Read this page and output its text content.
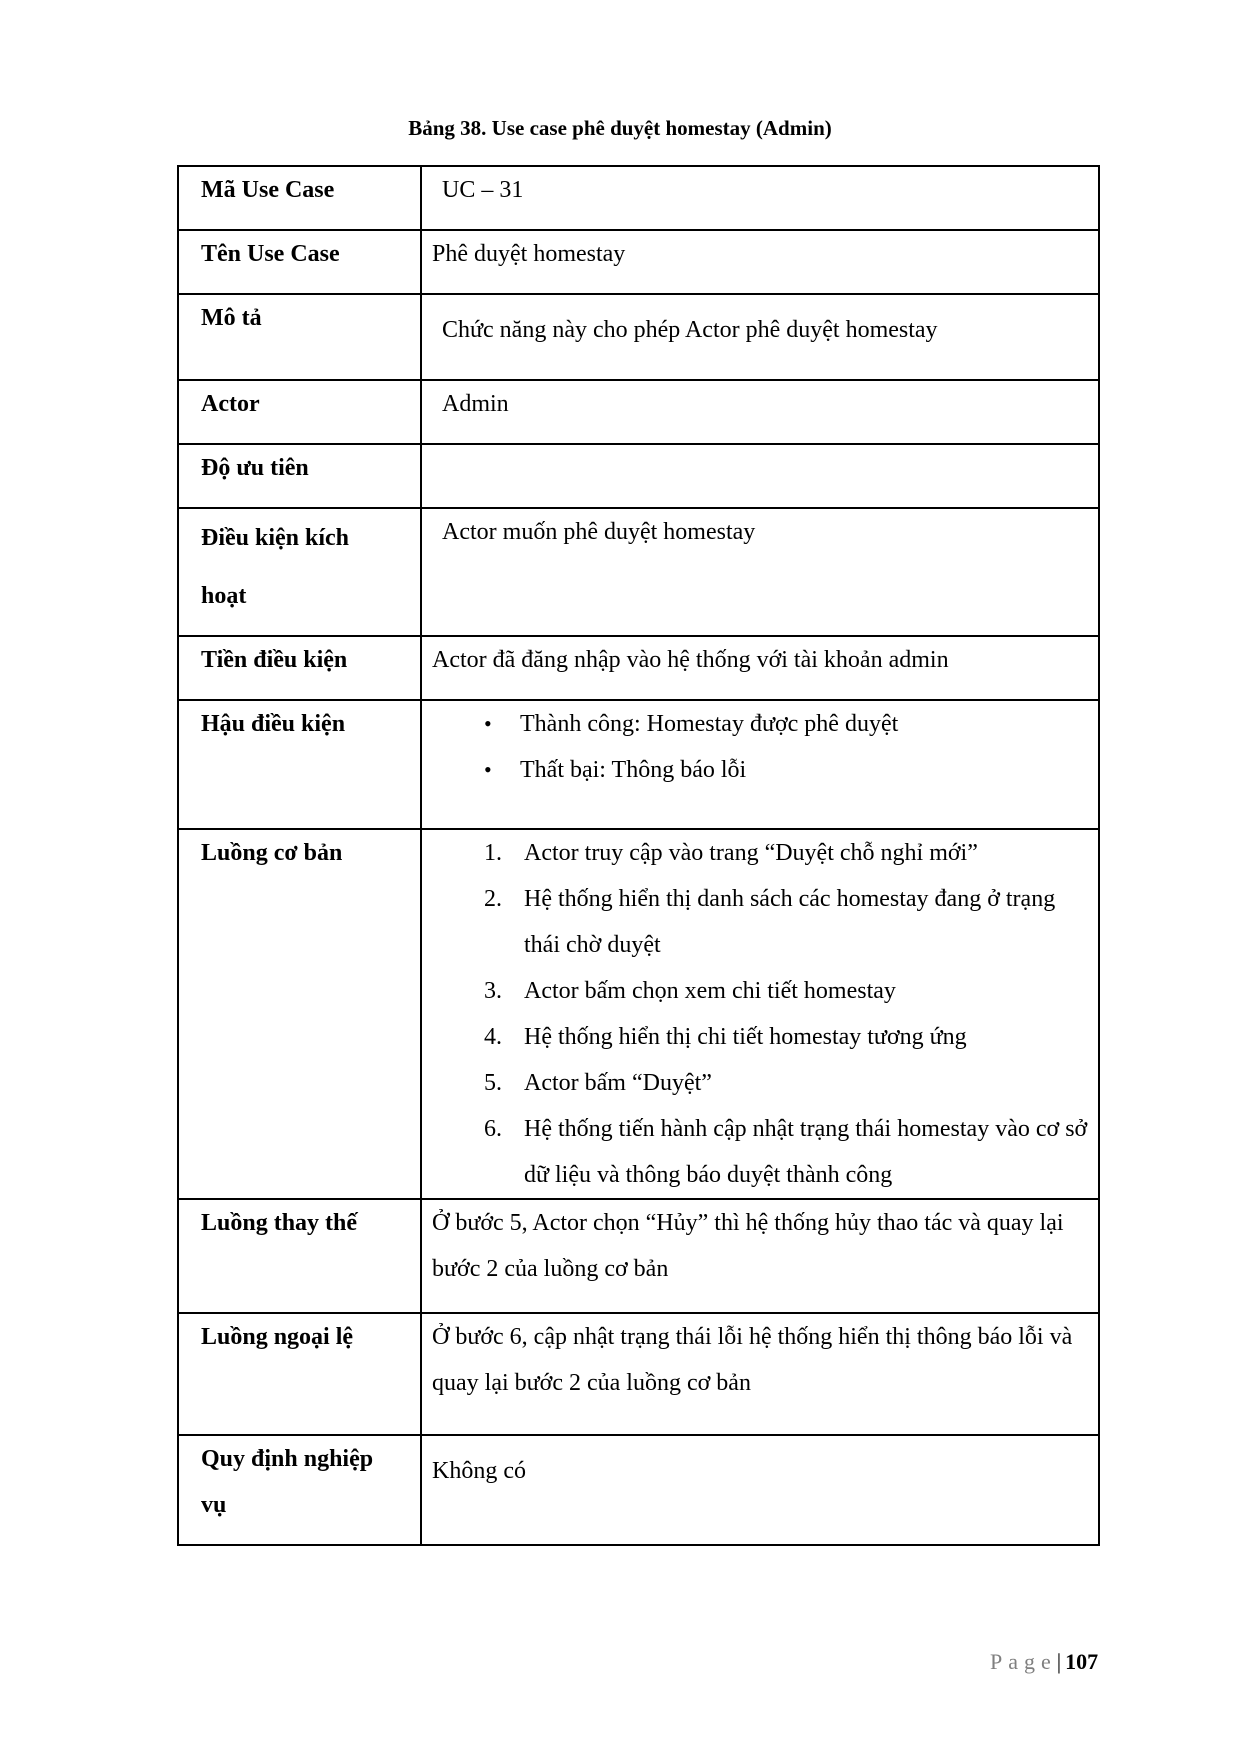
Bảng 38. Use case phê duyệt homestay (Admin)
Mã Use Case	UC – 31
Tên Use Case	Phê duyệt homestay
Mô tả	Chức năng này cho phép Actor phê duyệt homestay
Actor	Admin
Độ ưu tiên	
Điều kiện kích hoạt	Actor muốn phê duyệt homestay
Tiền điều kiện	Actor đã đăng nhập vào hệ thống với tài khoản admin
Hậu điều kiện	
•Thành công: Homestay được phê duyệt
• Thất bại: Thông báo lỗi

Luồng cơ bản	1. Actor truy cập vào trang “Duyệt chỗ nghỉ mới”
2. Hệ thống hiển thị danh sách các homestay đang ở trạng thái chờ duyệt
3. Actor bấm chọn xem chi tiết homestay
4. Hệ thống hiển thị chi tiết homestay tương ứng
5. Actor bấm “Duyệt”
6. Hệ thống tiến hành cập nhật trạng thái homestay vào cơ sở dữ liệu và thông báo duyệt thành công

Luồng thay thế	Ở bước 5, Actor chọn “Hủy” thì hệ thống hủy thao tác và quay lại bước 2 của luồng cơ bản
Luồng ngoại lệ	Ở bước 6, cập nhật trạng thái lỗi hệ thống hiển thị thông báo lỗi và quay lại bước 2 của luồng cơ bản
Quy định nghiệp vụ	Không có
Page| 107
